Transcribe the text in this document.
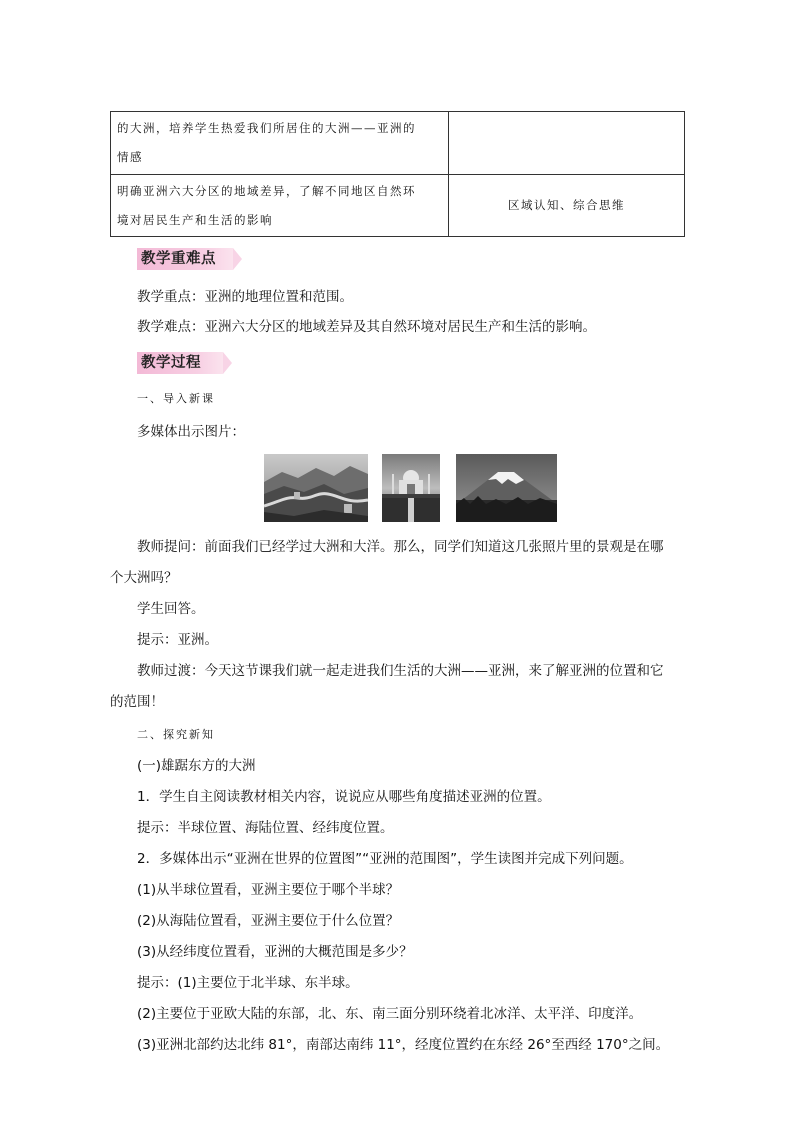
的大洲，培养学生热爱我们所居住的大洲——亚洲的
情感	

明确亚洲六大分区的地域差异，了解不同地区自然环
境对居民生产和生活的影响	区域认知、综合思维
教学重难点
教学重点：亚洲的地理位置和范围。
教学难点：亚洲六大分区的地域差异及其自然环境对居民生产和生活的影响。
教学过程
一、导入新课
多媒体出示图片：
教师提问：前面我们已经学过大洲和大洋。那么，同学们知道这几张照片里的景观是在哪
个大洲吗？
学生回答。
提示：亚洲。
教师过渡：今天这节课我们就一起走进我们生活的大洲——亚洲，来了解亚洲的位置和它
的范围！
二、探究新知
(一)雄踞东方的大洲
1．学生自主阅读教材相关内容，说说应从哪些角度描述亚洲的位置。
提示：半球位置、海陆位置、经纬度位置。
2．多媒体出示“亚洲在世界的位置图”“亚洲的范围图”，学生读图并完成下列问题。
(1)从半球位置看，亚洲主要位于哪个半球？
(2)从海陆位置看，亚洲主要位于什么位置？
(3)从经纬度位置看，亚洲的大概范围是多少？
提示：(1)主要位于北半球、东半球。
(2)主要位于亚欧大陆的东部，北、东、南三面分别环绕着北冰洋、太平洋、印度洋。
(3)亚洲北部约达北纬 81°，南部达南纬 11°，经度位置约在东经 26°至西经 170°之间。
